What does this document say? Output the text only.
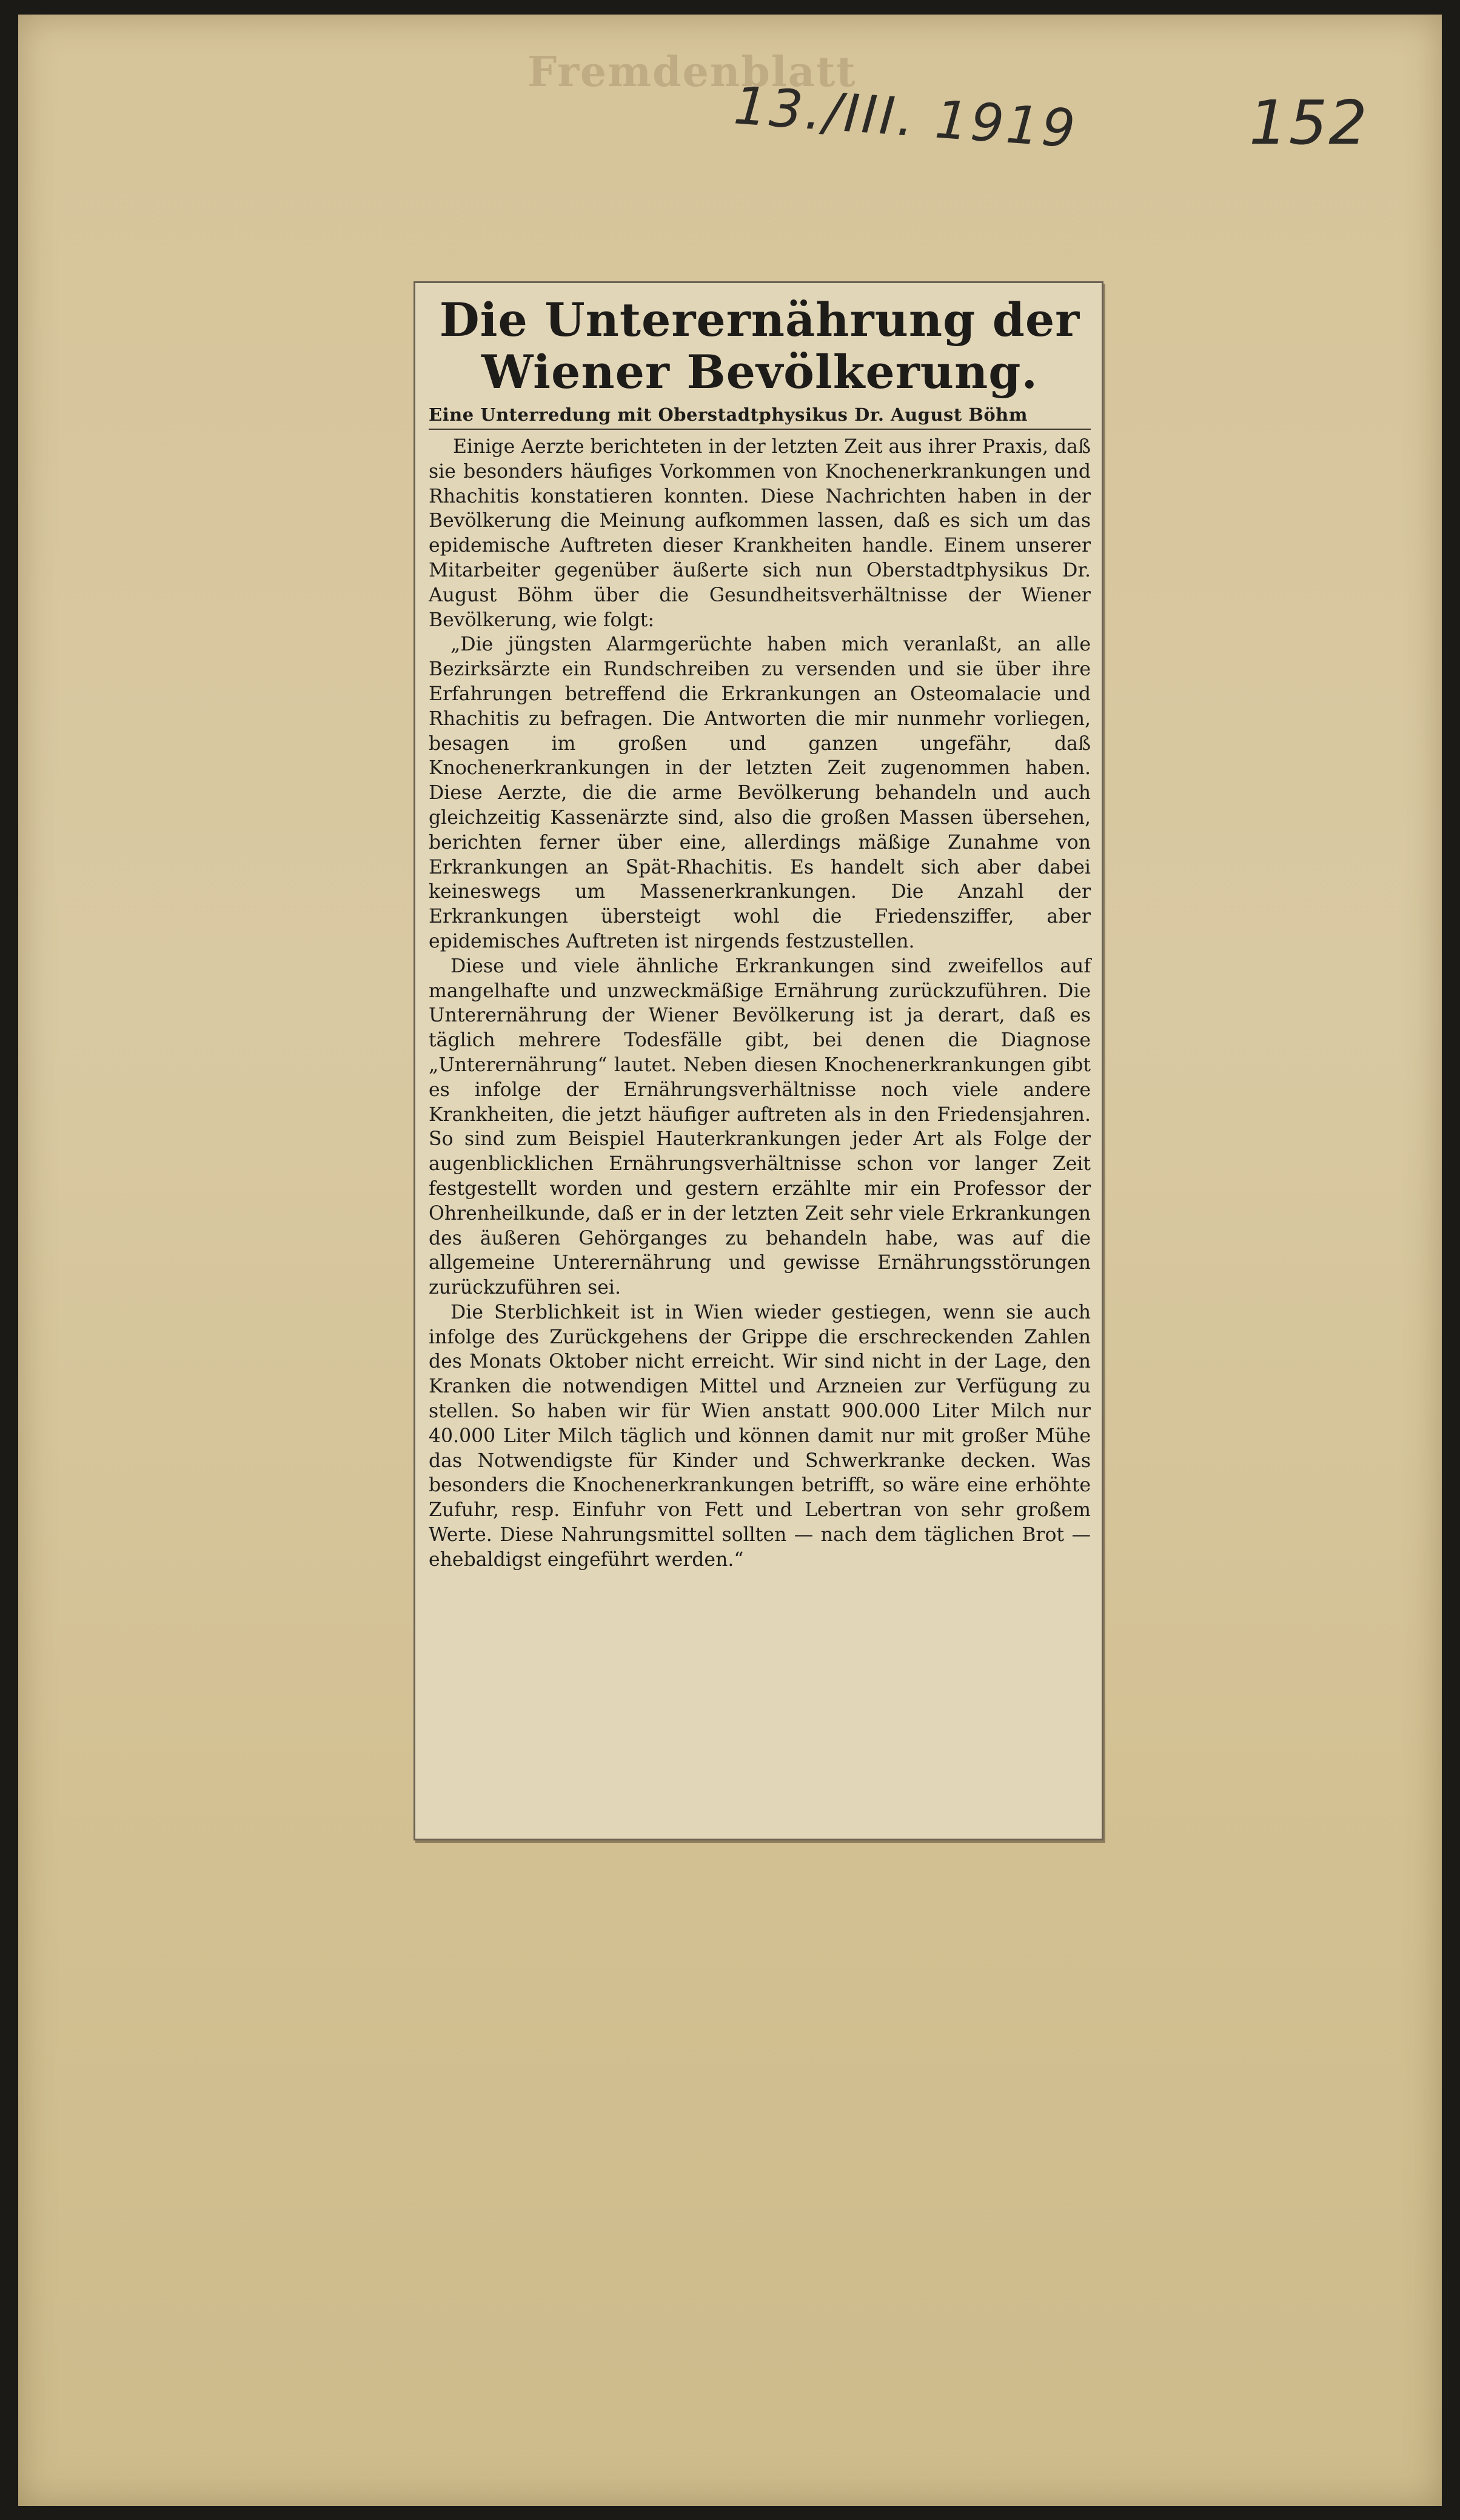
Fremdenblatt
13./III. 1919	152
Die Unterernährung der Wiener Bevölkerung.
Eine Unterredung mit Oberstadtphysikus Dr. August Böhm

Einige Aerzte berichteten in der letzten Zeit aus ihrer Praxis, daß sie besonders häufiges Vorkommen von Knochenerkrankungen und Rhachitis konstatieren konnten. Diese Nachrichten haben in der Bevölkerung die Meinung aufkommen lassen, daß es sich um das epidemische Auftreten dieser Krankheiten handle. Einem unserer Mitarbeiter gegenüber äußerte sich nun Oberstadtphysikus Dr. August Böhm über die Gesundheitsverhältnisse der Wiener Bevölkerung, wie folgt:

„Die jüngsten Alarmgerüchte haben mich veranlaßt, an alle Bezirksärzte ein Rundschreiben zu versenden und sie über ihre Erfahrungen betreffend die Erkrankungen an Osteomalacie und Rhachitis zu befragen. Die Antworten die mir nunmehr vorliegen, besagen im großen und ganzen ungefähr, daß Knochenerkrankungen in der letzten Zeit zugenommen haben. Diese Aerzte, die die arme Bevölkerung behandeln und auch gleichzeitig Kassenärzte sind, also die großen Massen übersehen, berichten ferner über eine, allerdings mäßige Zunahme von Erkrankungen an Spät-Rhachitis. Es handelt sich aber dabei keineswegs um Massenerkrankungen. Die Anzahl der Erkrankungen übersteigt wohl die Friedensziffer, aber epidemisches Auftreten ist nirgends festzustellen.

Diese und viele ähnliche Erkrankungen sind zweifellos auf mangelhafte und unzweckmäßige Ernährung zurückzuführen. Die Unterernährung der Wiener Bevölkerung ist ja derart, daß es täglich mehrere Todesfälle gibt, bei denen die Diagnose „Unterernährung“ lautet. Neben diesen Knochenerkrankungen gibt es infolge der Ernährungsverhältnisse noch viele andere Krankheiten, die jetzt häufiger auftreten als in den Friedensjahren. So sind zum Beispiel Hauterkrankungen jeder Art als Folge der augenblicklichen Ernährungsverhältnisse schon vor langer Zeit festgestellt worden und gestern erzählte mir ein Professor der Ohrenheilkunde, daß er in der letzten Zeit sehr viele Erkrankungen des äußeren Gehörganges zu behandeln habe, was auf die allgemeine Unterernährung und gewisse Ernährungsstörungen zurückzuführen sei.

Die Sterblichkeit ist in Wien wieder gestiegen, wenn sie auch infolge des Zurückgehens der Grippe die erschreckenden Zahlen des Monats Oktober nicht erreicht. Wir sind nicht in der Lage, den Kranken die notwendigen Mittel und Arzneien zur Verfügung zu stellen. So haben wir für Wien anstatt 900.000 Liter Milch nur 40.000 Liter Milch täglich und können damit nur mit großer Mühe das Notwendigste für Kinder und Schwerkranke decken. Was besonders die Knochenerkrankungen betrifft, so wäre eine erhöhte Zufuhr, resp. Einfuhr von Fett und Lebertran von sehr großem Werte. Diese Nahrungsmittel sollten — nach dem täglichen Brot — ehebaldigst eingeführt werden.“
